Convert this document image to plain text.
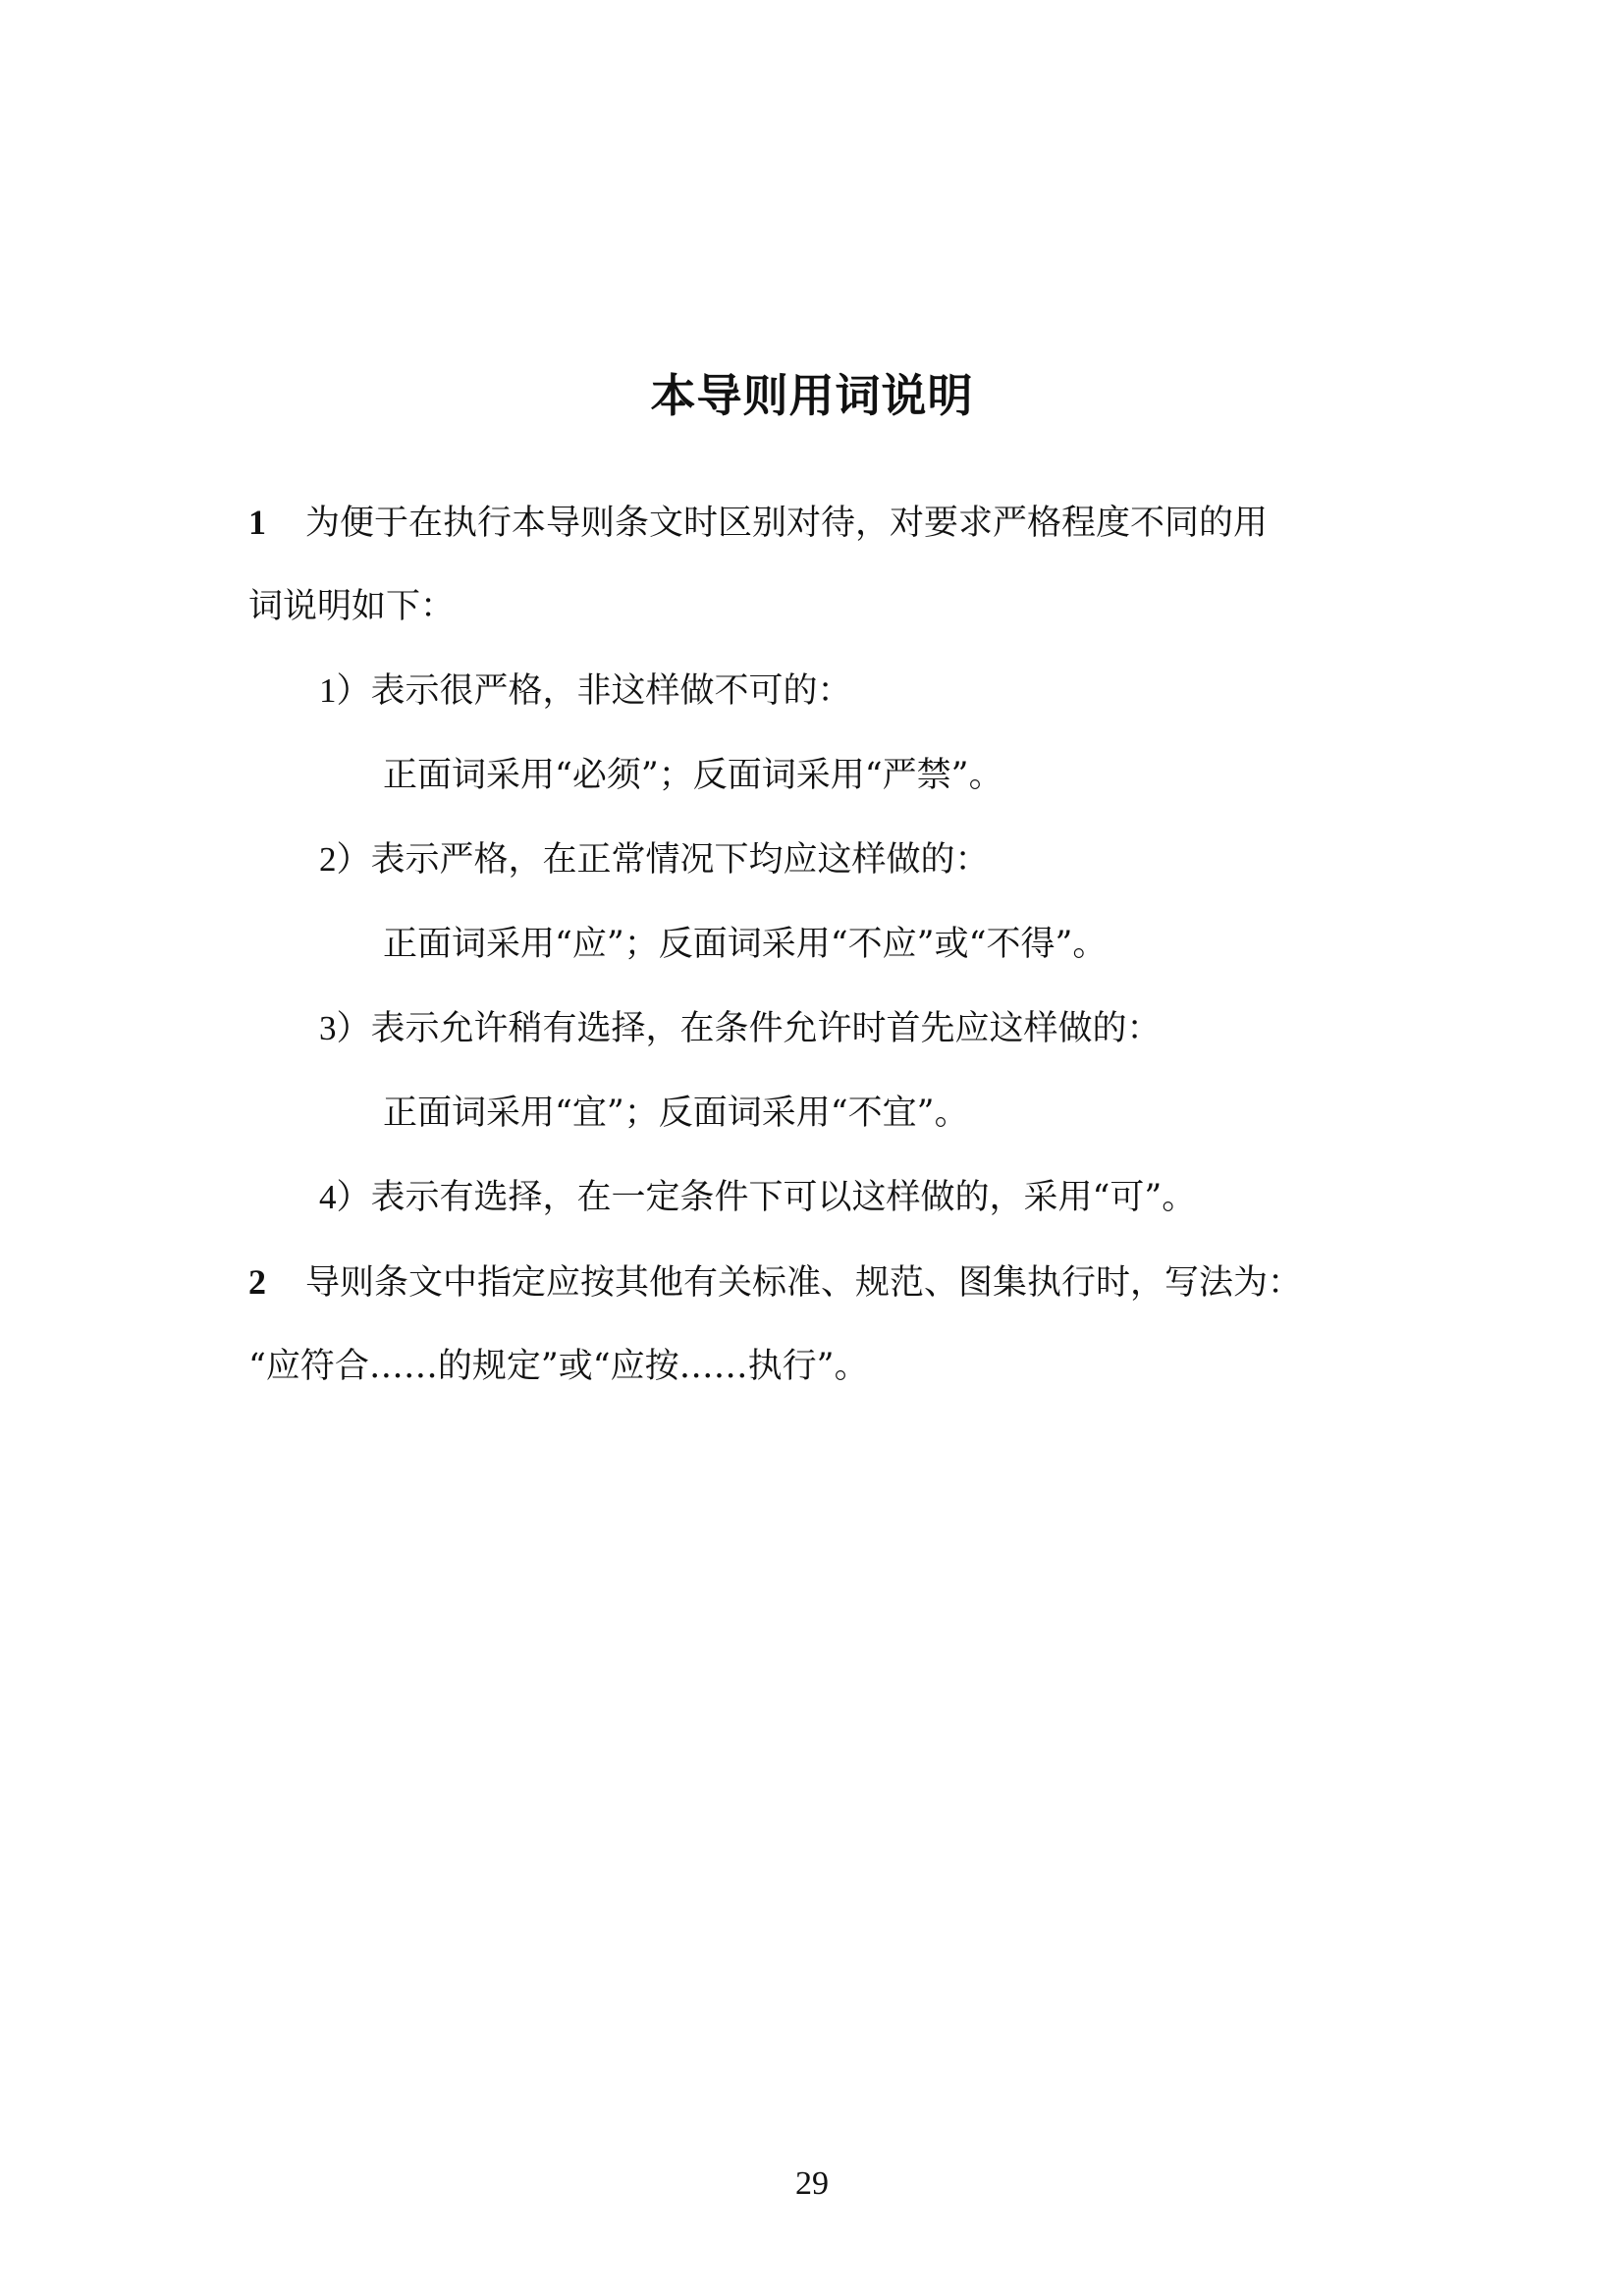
本导则用词说明
1 为便于在执行本导则条文时区别对待，对要求严格程度不同的用
词说明如下：
1）表示很严格，非这样做不可的：
正面词采用“必须”；反面词采用“严禁”。
2）表示严格，在正常情况下均应这样做的：
正面词采用“应”；反面词采用“不应”或“不得”。
3）表示允许稍有选择，在条件允许时首先应这样做的：
正面词采用“宜”；反面词采用“不宜”。
4）表示有选择，在一定条件下可以这样做的，采用“可”。
2 导则条文中指定应按其他有关标准、规范、图集执行时，写法为：
“应符合……的规定”或“应按……执行”。
29
